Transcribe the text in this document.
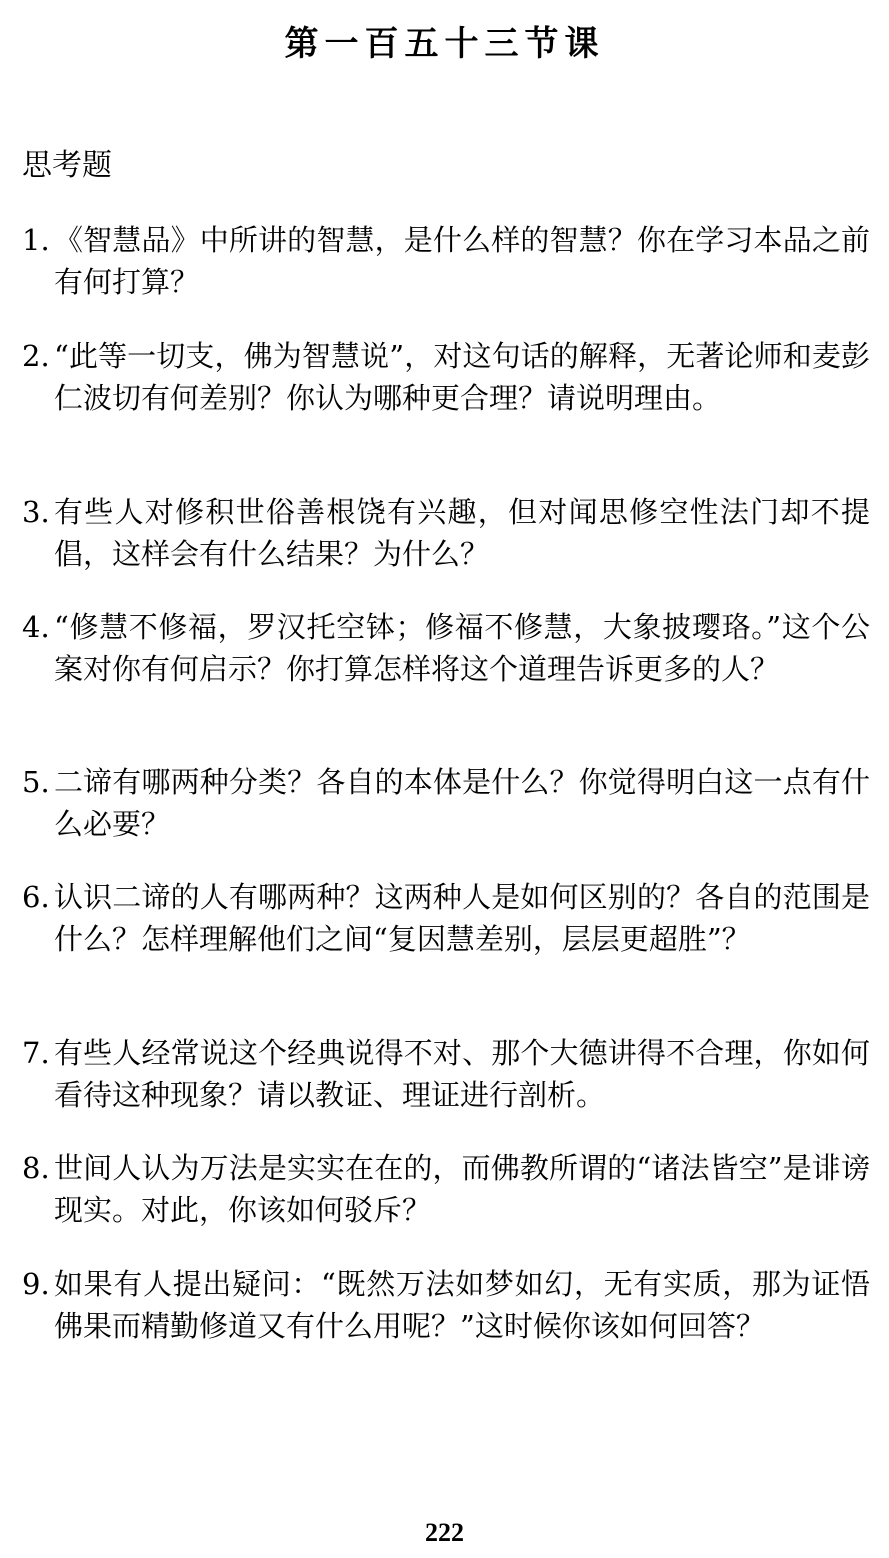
第一百五十三节课
思考题
1. 《智慧品》中所讲的智慧，是什么样的智慧？你在学习本品之前有何打算？
2. “此等一切支，佛为智慧说”，对这句话的解释，无著论师和麦彭仁波切有何差别？你认为哪种更合理？请说明理由。
3. 有些人对修积世俗善根饶有兴趣，但对闻思修空性法门却不提倡，这样会有什么结果？为什么？
4. “修慧不修福，罗汉托空钵；修福不修慧，大象披璎珞。”这个公案对你有何启示？你打算怎样将这个道理告诉更多的人？
5. 二谛有哪两种分类？各自的本体是什么？你觉得明白这一点有什么必要？
6. 认识二谛的人有哪两种？这两种人是如何区别的？各自的范围是什么？怎样理解他们之间“复因慧差别，层层更超胜”？
7. 有些人经常说这个经典说得不对、那个大德讲得不合理，你如何看待这种现象？请以教证、理证进行剖析。
8. 世间人认为万法是实实在在的，而佛教所谓的“诸法皆空”是诽谤现实。对此，你该如何驳斥？
9. 如果有人提出疑问：“既然万法如梦如幻，无有实质，那为证悟佛果而精勤修道又有什么用呢？”这时候你该如何回答？
222
